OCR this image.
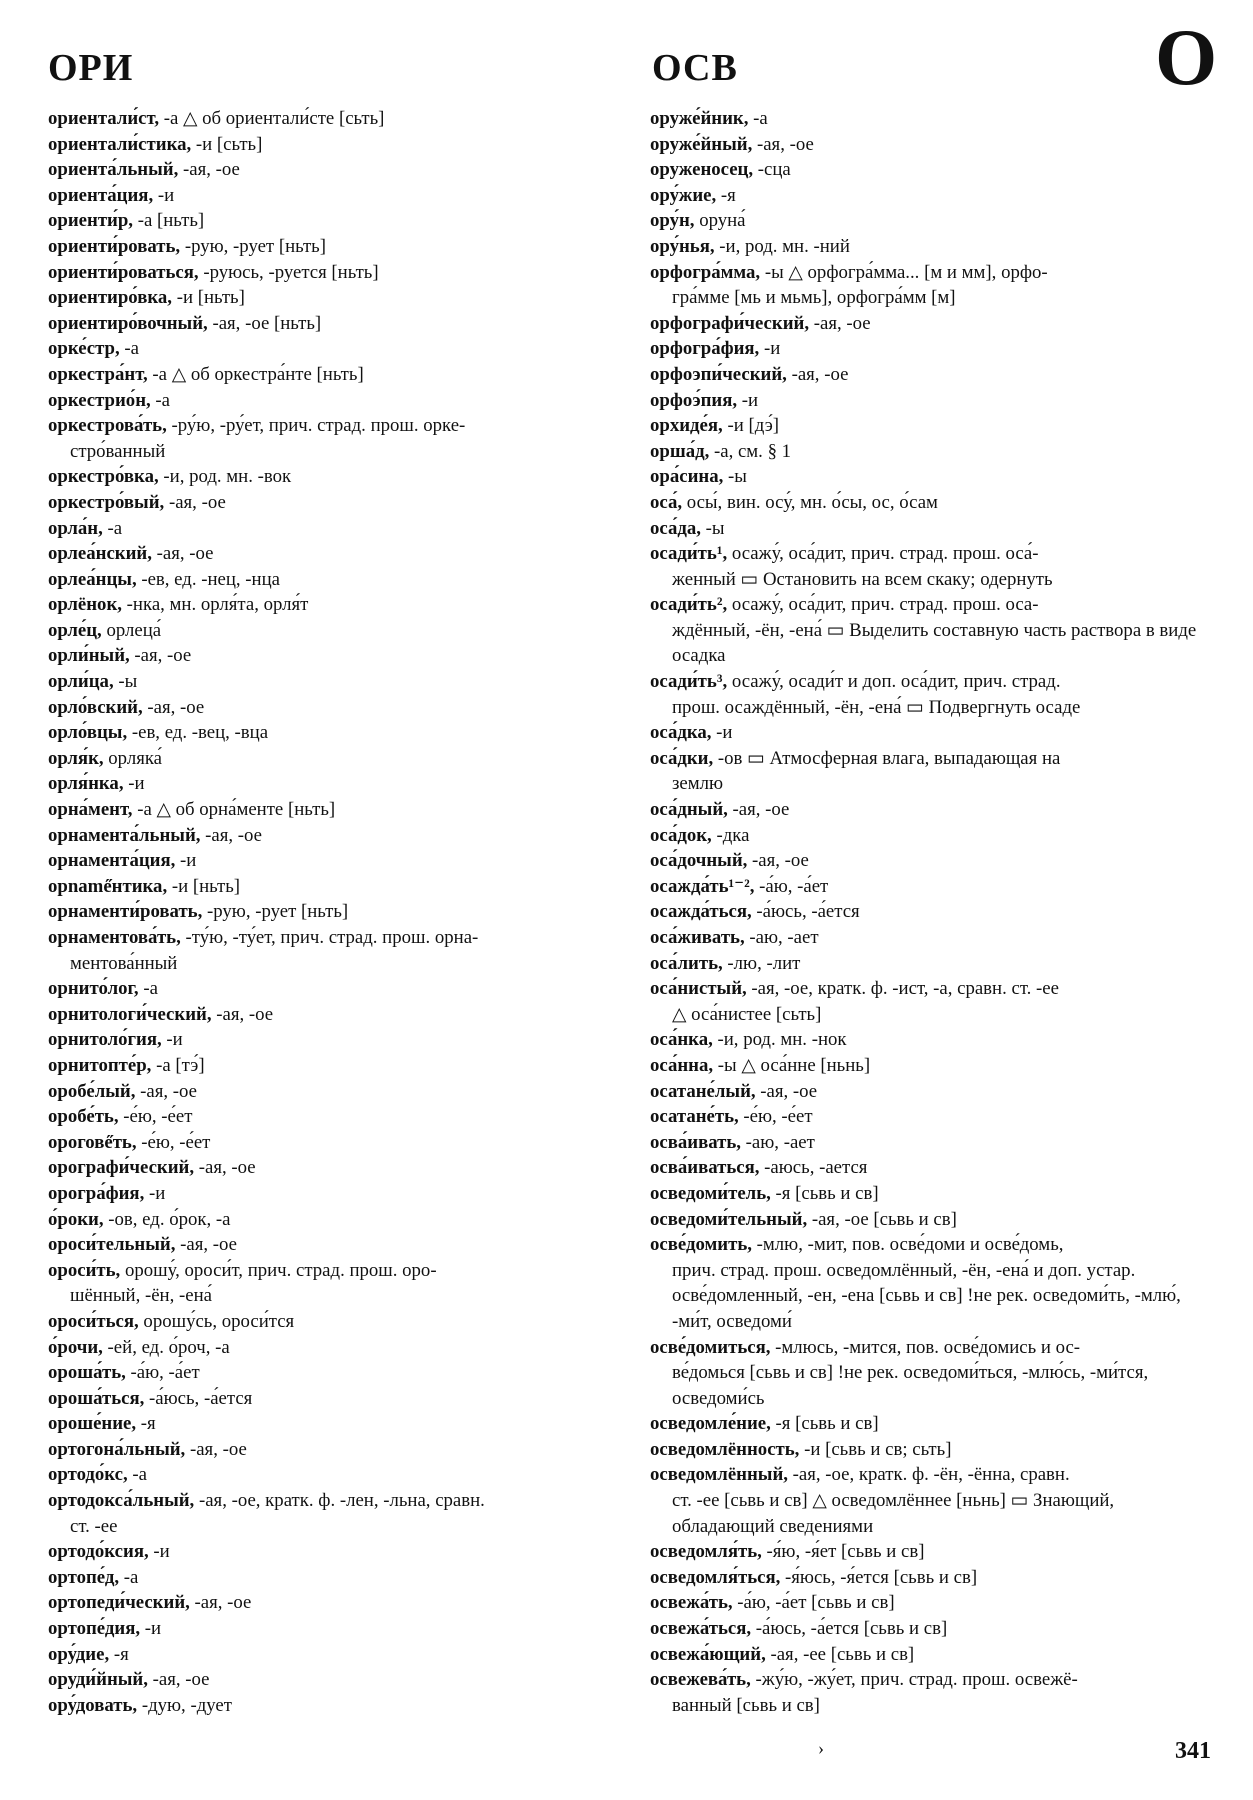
ОРИ	ОСВ	О
ориентали́ст, -а △ об ориентали́сте [сьть]
ориентали́стика, -и [сьть]
ориента́льный, -ая, -ое
ориента́ция, -и
ориенти́р, -а [ньть]
ориенти́ровать, -рую, -рует [ньть]
ориенти́роваться, -руюсь, -руется [ньть]
ориентиро́вка, -и [ньть]
ориентиро́вочный, -ая, -ое [ньть]
орке́стр, -а
оркестра́нт, -а △ об оркестра́нте [ньть]
оркестрио́н, -а
оркестрова́ть, -ру́ю, -ру́ет, прич. страд. прош. орке-
стро́ванный
оркестро́вка, -и, род. мн. -вок
оркестро́вый, -ая, -ое
орла́н, -а
орлеа́нский, -ая, -ое
орлеа́нцы, -ев, ед. -нец, -нца
орлёнок, -нка, мн. орля́та, орля́т
орле́ц, орлеца́
орли́ный, -ая, -ое
орли́ца, -ы
орло́вский, -ая, -ое
орло́вцы, -ев, ед. -вец, -вца
орля́к, орляка́
орля́нка, -и
орна́мент, -а △ об орна́менте [ньть]
орнамента́льный, -ая, -ое
орнамента́ция, -и
орname̋нтика, -и [ньть]
орнаменти́ровать, -рую, -рует [ньть]
орнаментова́ть, -ту́ю, -ту́ет, прич. страд. прош. орна-
ментова́нный
орнито́лог, -а
орнитологи́ческий, -ая, -ое
орнитоло́гия, -и
орнитопте́р, -а [тэ́]
оробе́лый, -ая, -ое
оробе́ть, -е́ю, -е́ет
ороговe̋ть, -е́ю, -е́ет
орографи́ческий, -ая, -ое
орогра́фия, -и
о́роки, -ов, ед. о́рок, -а
ороси́тельный, -ая, -ое
ороси́ть, орошу́, ороси́т, прич. страд. прош. оро-
шённый, -ён, -ена́
ороси́ться, орошу́сь, ороси́тся
о́рочи, -ей, ед. о́роч, -а
ороша́ть, -а́ю, -а́ет
ороша́ться, -а́юсь, -а́ется
ороше́ние, -я
ортогона́льный, -ая, -ое
ортодо́кс, -а
ортодокса́льный, -ая, -ое, кратк. ф. -лен, -льна, сравн.
ст. -ее
ортодо́ксия, -и
ортопе́д, -а
ортопеди́ческий, -ая, -ое
ортопе́дия, -и
ору́дие, -я
оруди́йный, -ая, -ое
ору́довать, -дую, -дует
оруже́йник, -а
оруже́йный, -ая, -ое
оруженосец, -сца
ору́жие, -я
ору́н, оруна́
ору́нья, -и, род. мн. -ний
орфогра́мма, -ы △ орфогра́мма... [м и мм], орфо-
гра́мме [мь и мьмь], орфогра́мм [м]
орфографи́ческий, -ая, -ое
орфогра́фия, -и
орфоэпи́ческий, -ая, -ое
орфоэ́пия, -и
орхиде́я, -и [дэ́]
орша́д, -а, см. § 1
ора́сина, -ы
оса́, осы́, вин. осу́, мн. о́сы, ос, о́сам
оса́да, -ы
осади́ть¹, осажу́, оса́дит, прич. страд. прош. оса́-
женный ▭ Остановить на всем скаку; одернуть
осади́ть², осажу́, оса́дит, прич. страд. прош. оса-
ждённый, -ён, -ена́ ▭ Выделить составную часть раствора в виде осадка
осади́ть³, осажу́, осади́т и доп. оса́дит, прич. страд.
прош. осаждённый, -ён, -ена́ ▭ Подвергнуть осаде
оса́дка, -и
оса́дки, -ов ▭ Атмосферная влага, выпадающая на
землю
оса́дный, -ая, -ое
оса́док, -дка
оса́дочный, -ая, -ое
осажда́ть¹⁻², -а́ю, -а́ет
осажда́ться, -а́юсь, -а́ется
оса́живать, -аю, -ает
оса́лить, -лю, -лит
оса́нистый, -ая, -ое, кратк. ф. -ист, -а, сравн. ст. -ее
△ оса́нистее [сьть]
оса́нка, -и, род. мн. -нок
оса́нна, -ы △ оса́нне [ньнь]
осатане́лый, -ая, -ое
осатане́ть, -е́ю, -е́ет
осва́ивать, -аю, -ает
осва́иваться, -аюсь, -ается
осведоми́тель, -я [сьвь и св]
осведоми́тельный, -ая, -ое [сьвь и св]
осве́домить, -млю, -мит, пов. осве́доми и осве́домь,
прич. страд. прош. осведомлённый, -ён, -ена́ и доп. устар. осве́домленный, -ен, -ена [сьвь и св] !не рек. осведоми́ть, -млю́, -ми́т, осведоми́
осве́домиться, -млюсь, -мится, пов. осве́домись и ос-
ве́домься [сьвь и св] !не рек. осведоми́ться, -млю́сь, -ми́тся, осведоми́сь
осведомле́ние, -я [сьвь и св]
осведомлённость, -и [сьвь и св; сьть]
осведомлённый, -ая, -ое, кратк. ф. -ён, -ённа, сравн.
ст. -ее [сьвь и св] △ осведомлённее [ньнь] ▭ Знающий, обладающий сведениями
осведомля́ть, -я́ю, -я́ет [сьвь и св]
осведомля́ться, -я́юсь, -я́ется [сьвь и св]
освежа́ть, -а́ю, -а́ет [сьвь и св]
освежа́ться, -а́юсь, -а́ется [сьвь и св]
освежа́ющий, -ая, -ее [сьвь и св]
освежева́ть, -жу́ю, -жу́ет, прич. страд. прош. освежё-
ванный [сьвь и св]
›	341
